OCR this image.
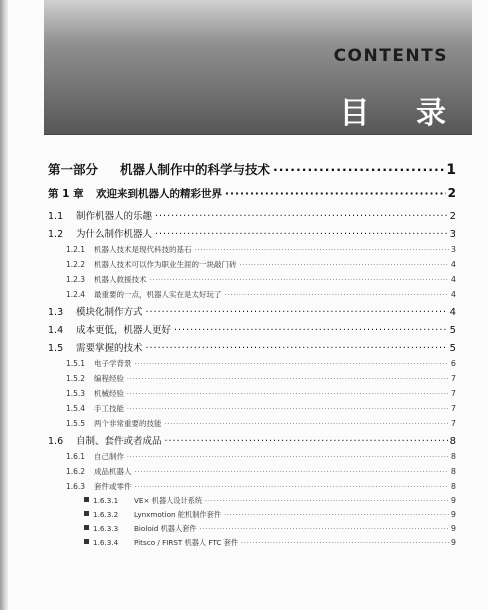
CONTENTS
目 录
第一部分	机器人制作中的科学与技术 ·····	1
第 1 章	欢迎来到机器人的精彩世界 ·····	2
1.1	制作机器人的乐趣 ·····	2
1.2	为什么制作机器人 ·····	3
1.2.1	机器人技术是现代科技的基石 ·····	3
1.2.2	机器人技术可以作为职业生涯的一块敲门砖 ·····	4
1.2.3	机器人救援技术 ·····	4
1.2.4	最重要的一点，机器人实在是太好玩了 ·····	4
1.3	模块化制作方式 ·····	4
1.4	成本更低，机器人更好 ·····	5
1.5	需要掌握的技术 ·····	5
1.5.1	电子学背景 ·····	6
1.5.2	编程经验 ·····	7
1.5.3	机械经验 ·····	7
1.5.4	手工技能 ·····	7
1.5.5	两个非常重要的技能 ·····	7
1.6	自制、套件或者成品 ·····	8
1.6.1	自己制作 ·····	8
1.6.2	成品机器人 ·····	8
1.6.3	套件或零件 ·····	8
1.6.3.1	VE× 机器人设计系统 ·····	9
1.6.3.2	Lynxmotion 舵机制作套件 ·····	9
1.6.3.3	Bioloid 机器人套件 ·····	9
1.6.3.4	Pitsco / FIRST 机器人 FTC 套件 ·····	9
